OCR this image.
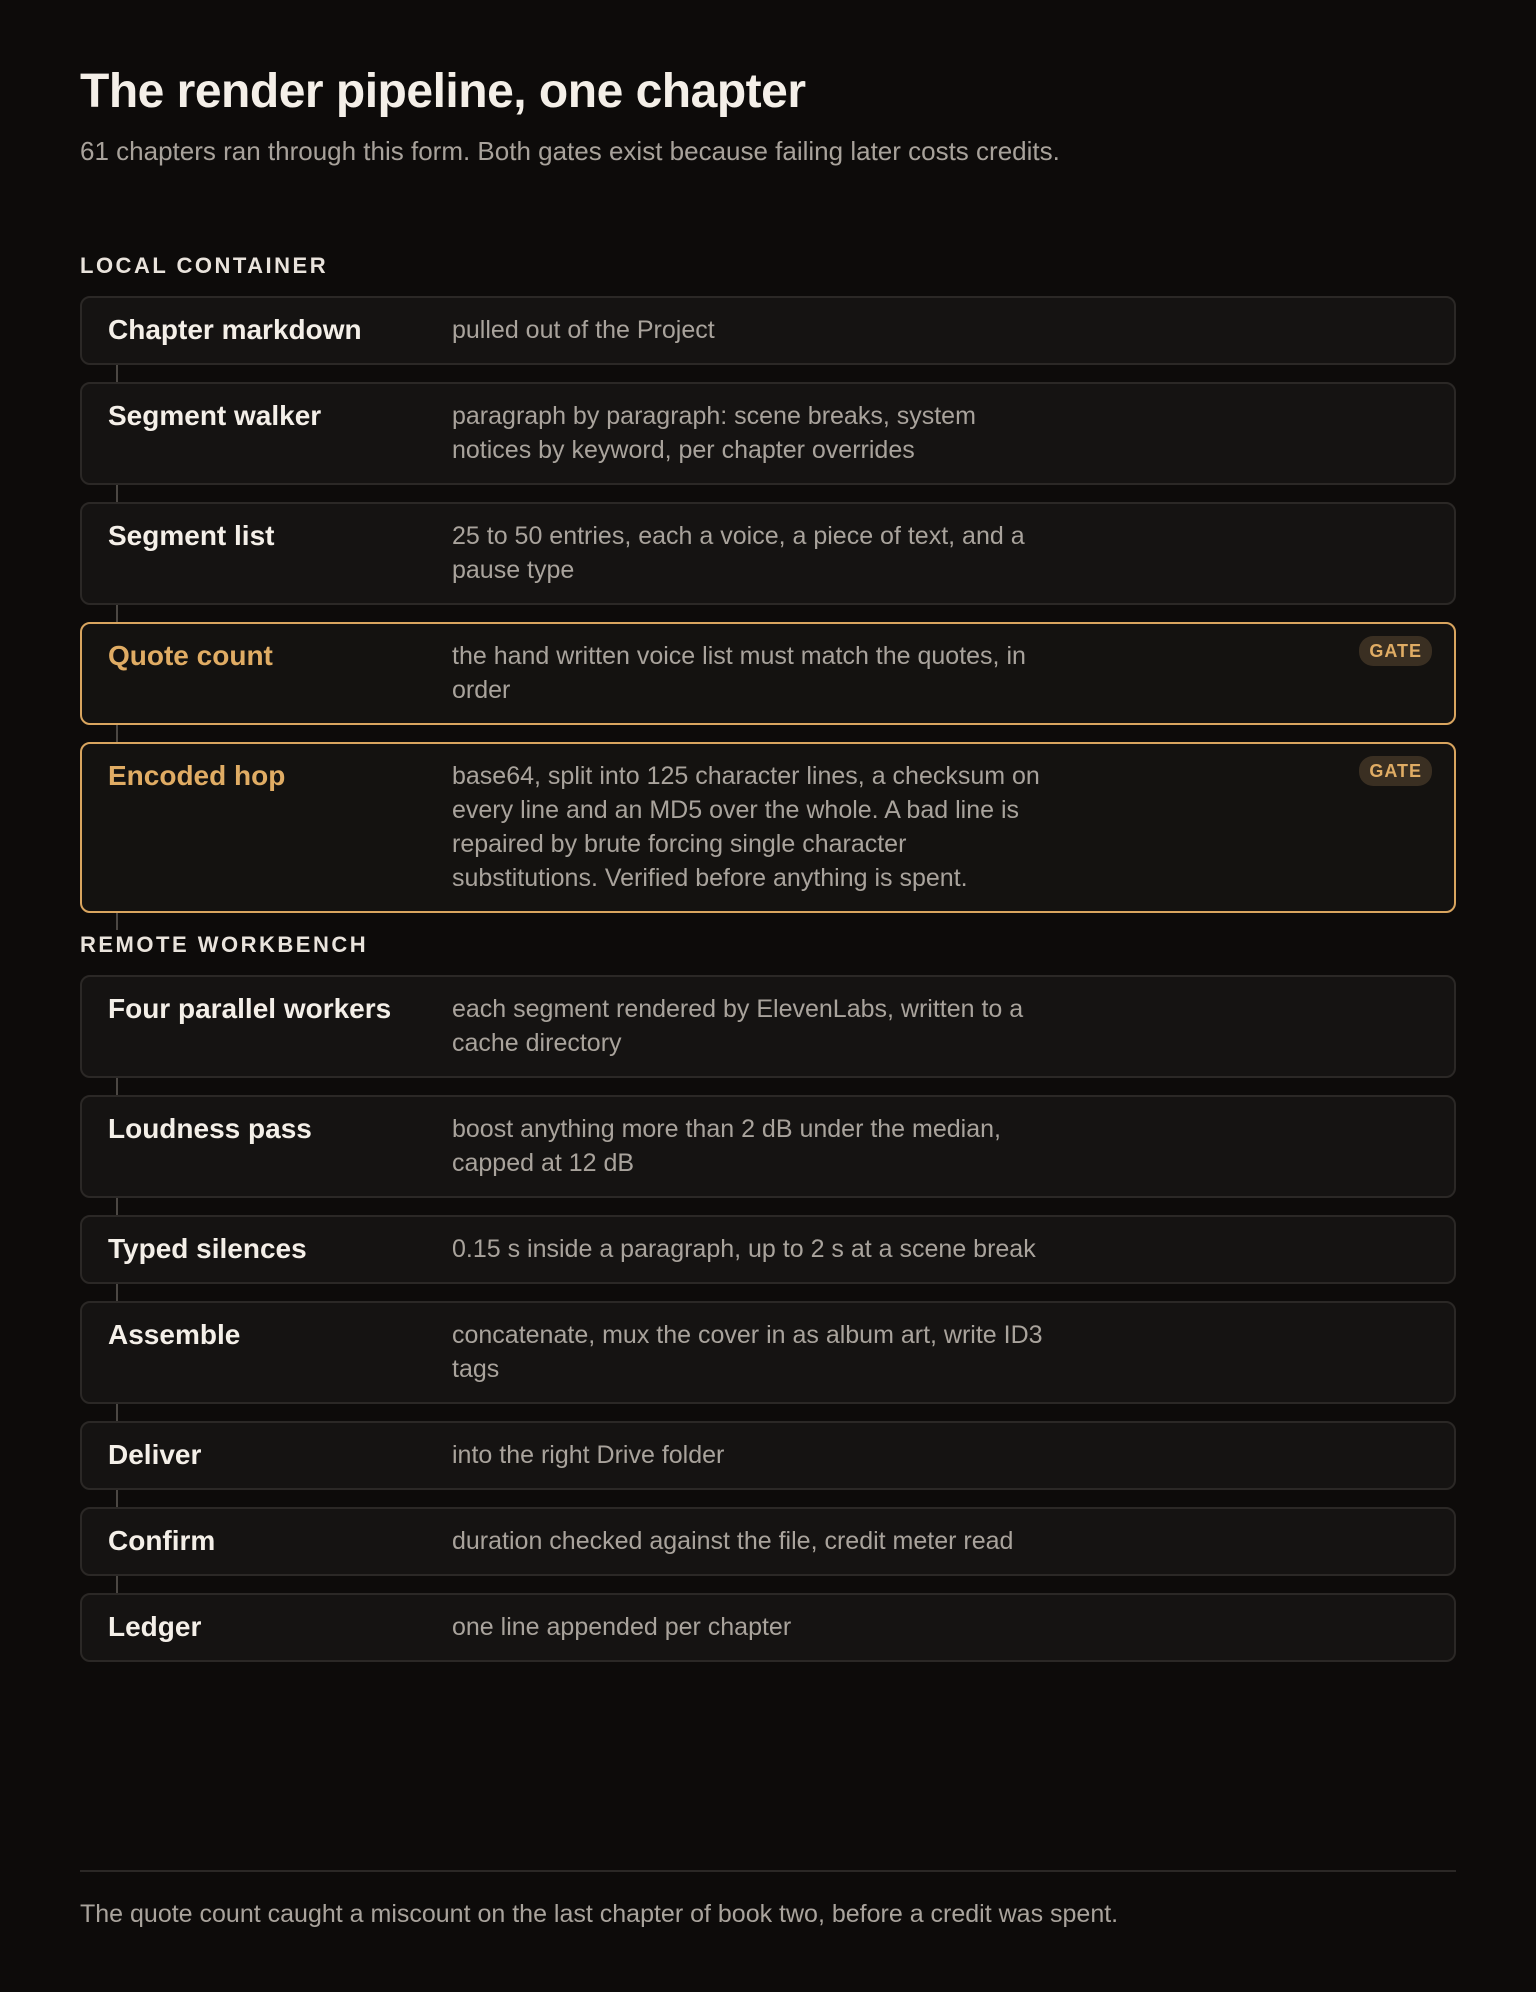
The render pipeline, one chapter

61 chapters ran through this form. Both gates exist because failing later costs credits.

LOCAL CONTAINER
Chapter markdown	pulled out of the Project
Segment walker	paragraph by paragraph: scene breaks, system notices by keyword, per chapter overrides
Segment list	25 to 50 entries, each a voice, a piece of text, and a pause type
Quote count	the hand written voice list must match the quotes, in order
GATE
Encoded hop	base64, split into 125 character lines, a checksum on every line and an MD5 over the whole. A bad line is repaired by brute forcing single character substitutions. Verified before anything is spent.
GATE
REMOTE WORKBENCH
Four parallel workers	each segment rendered by ElevenLabs, written to a cache directory
Loudness pass	boost anything more than 2 dB under the median, capped at 12 dB
Typed silences	0.15 s inside a paragraph, up to 2 s at a scene break
Assemble	concatenate, mux the cover in as album art, write ID3 tags
Deliver	into the right Drive folder
Confirm	duration checked against the file, credit meter read
Ledger	one line appended per chapter

The quote count caught a miscount on the last chapter of book two, before a credit was spent.
